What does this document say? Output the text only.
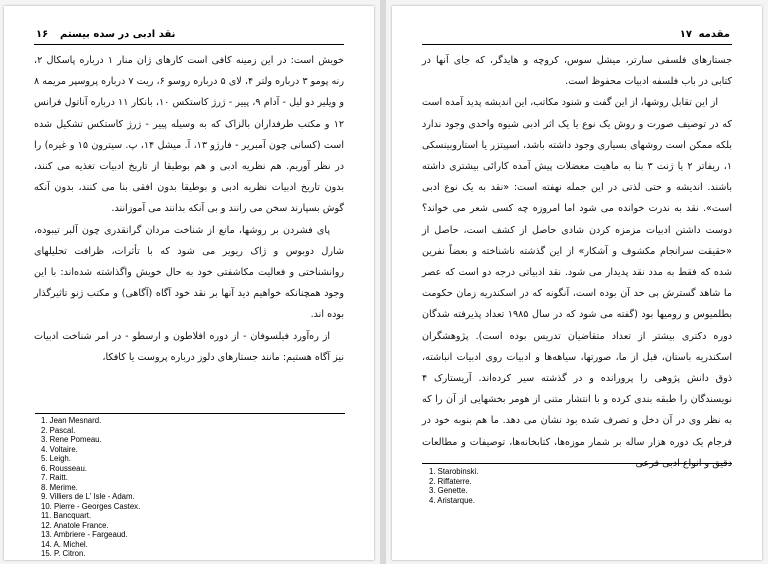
۱۶ نقد ادبی در سده بیستم

خویش است: در این زمینه کافی است کارهای ژان منار ۱ درباره پاسکال ۲، رنه پومو ۳ درباره ولتر ۴، لای ۵ درباره روسو ۶، ریت ۷ درباره پروسپر مریمه ۸ و ویلیر دو لیل - آدام ۹، پییر - ژرژ کاستکس ۱۰، بانکار ۱۱ درباره آناتول فرانس ۱۲ و مکتب طرفداران بالزاک که به وسیله پییر - ژرژ کاستکس تشکیل شده است (کسانی چون آمبریر - فارژو ۱۳، آ. میشل ۱۴، پ. سیترون ۱۵ و غیره) را در نظر آوریم. هم نظریه ادبی و هم بوطیقا از تاریخ ادبیات تغذیه می کنند، بدون تاریخ ادبیات نظریه ادبی و بوطیقا بدون افقی بنا می کنند، بدون آنکه گوش بسپارند سخن می رانند و بی آنکه بدانند می آموزانند.

پای فشردن بر روشها، مانع از شناخت مردان گرانقدری چون آلبر تیبوده، شارل دوبوس و ژاک ریویر می شود که با تأثرات، ظرافت تحلیلهای روانشناختی و فعالیت مکاشفتی خود به حال خویش واگذاشته شده‌اند: با این وجود همچنانکه خواهیم دید آنها بر نقد خود آگاه (آگاهی) و مکتب ژنو تاثیرگذار بوده اند.

از ره‌آورد فیلسوفان - از دوره افلاطون و ارسطو - در امر شناخت ادبیات نیز آگاه هستیم: مانند جستارهای دلوز درباره پروست یا کافکا،

1. Jean Mesnard.
2. Pascal.
3. Rene Pomeau.
4. Voltaire.
5. Leigh.
6. Rousseau.
7. Raitt.
8. Merime.
9. Villiers de L' Isle - Adam.
10. Pierre - Georges Castex.
11. Bancquart.
12. Anatole France.
13. Ambriere - Fargeaud.
14. A. Michel.
15. P. Citron.
۱۷ مقدمه

جستارهای فلسفی سارتر، میشل سوس، کروچه و هایدگر، که جای آنها در کتابی در باب فلسفه ادبیات محفوظ است.

از این تقابل روشها، از این گفت و شنود مکاتب، این اندیشه پدید آمده است که در توصیف صورت و روش یک نوع یا یک اثر ادبی شیوه واحدی وجود ندارد بلکه ممکن است روشهای بسیاری وجود داشته باشد، اسپیتزر یا استاروبینسکی ۱، ریفاتر ۲ یا ژنت ۳ بنا به ماهیت معضلات پیش آمده کارائی بیشتری داشته باشند. اندیشه و حتی لذتی در این جمله نهفته است: «نقد به یک نوع ادبی است». نقد به ندرت خوانده می شود اما امروزه چه کسی شعر می خواند؟ دوست داشتن ادبیات مزمزه کردن شادی حاصل از کشف است، حاصل از «حقیقت سرانجام مکشوف و آشکار» از این گذشته ناشناخته و بعضاً نفرین شده که فقط به مدد نقد پدیدار می شود. نقد ادبیاتی درجه دو است که عصر ما شاهد گسترش بی حد آن بوده است، آنگونه که در اسکندریه زمان حکومت بطلمیوس و رومیها بود (گفته می شود که در سال ۱۹۸۵ تعداد پذیرفته شدگان دوره دکتری بیشتر از تعداد متقاضیان تدریس بوده است). پژوهشگران اسکندریه باستان، قبل از ما، صورتها، سیاهه‌ها و ادبیات روی ادبیات انباشته، ذوق دانش پژوهی را پرورانده و در گذشته سیر کرده‌اند. آریستارک ۴ نویسندگان را طبقه بندی کرده و با انتشار متنی از هومر بخشهایی از آن را که به نظر وی در آن دخل و تصرف شده بود نشان می دهد. ما هم بنوبه خود در فرجام یک دوره هزار ساله بر شمار موزه‌ها، کتابخانه‌ها، توصیفات و مطالعات دقیق و انواع ادبی فرعی

1. Starobinski.
2. Riffaterre.
3. Genette.
4. Aristarque.
